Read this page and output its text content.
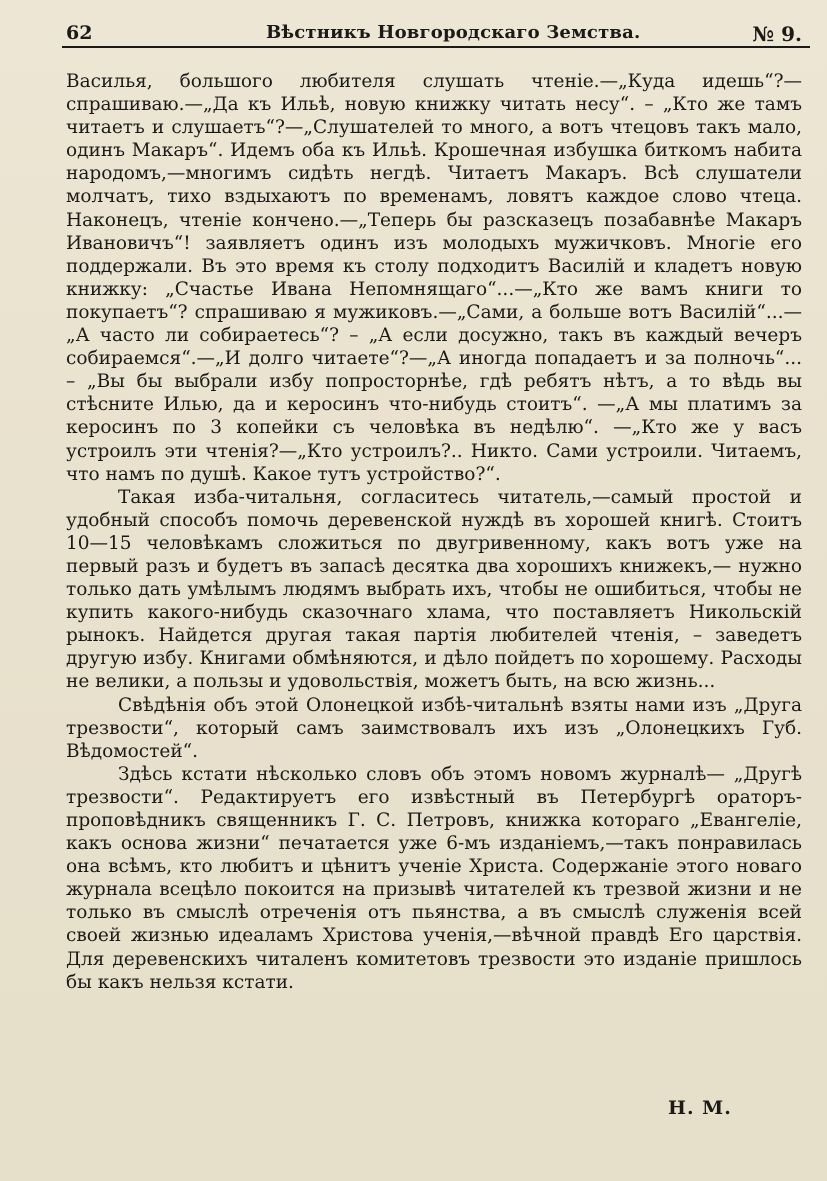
62	Вѣстникъ Новгородскаго Земства.	№ 9.

Василья, большого любителя слушать чтеніе.—„Куда идешь“?—спрашиваю.—„Да къ Ильѣ, новую книжку читать несу“. – „Кто же тамъ читаетъ и слушаетъ“?—„Слушателей то много, а вотъ чтецовъ такъ мало, одинъ Макаръ“. Идемъ оба къ Ильѣ. Крошечная избушка биткомъ набита народомъ,—многимъ сидѣть негдѣ. Читаетъ Макаръ. Всѣ слушатели молчатъ, тихо вздыхаютъ по временамъ, ловятъ каждое слово чтеца. Наконецъ, чтеніе кончено.—„Теперь бы разсказецъ позабавнѣе Макаръ Ивановичъ“! заявляетъ одинъ изъ молодыхъ мужичковъ. Многіе его поддержали. Въ это время къ столу подходитъ Василій и кладетъ новую книжку: „Счастье Ивана Непомнящаго“...—„Кто же вамъ книги то покупаетъ“? спрашиваю я мужиковъ.—„Сами, а больше вотъ Василій“...—„А часто ли собираетесь“? – „А если досужно, такъ въ каждый вечеръ собираемся“.—„И долго читаете“?—„А иногда попадаетъ и за полночь“... – „Вы бы выбрали избу попросторнѣе, гдѣ ребятъ нѣтъ, а то вѣдь вы стѣсните Илью, да и керосинъ что-нибудь стоитъ“. —„А мы платимъ за керосинъ по 3 копейки съ человѣка въ недѣлю“. —„Кто же у васъ устроилъ эти чтенія?—„Кто устроилъ?.. Никто. Сами устроили. Читаемъ, что намъ по душѣ. Какое тутъ устройство?“.

Такая изба-читальня, согласитесь читатель,—самый простой и удобный способъ помочь деревенской нуждѣ въ хорошей книгѣ. Стоитъ 10—15 человѣкамъ сложиться по двугривенному, какъ вотъ уже на первый разъ и будетъ въ запасѣ десятка два хорошихъ книжекъ,— нужно только дать умѣлымъ людямъ выбрать ихъ, чтобы не ошибиться, чтобы не купить какого-нибудь сказочнаго хлама, что поставляетъ Никольскій рынокъ. Найдется другая такая партія любителей чтенія, – заведетъ другую избу. Книгами обмѣняются, и дѣло пойдетъ по хорошему. Расходы не велики, а пользы и удовольствія, можетъ быть, на всю жизнь...

Свѣдѣнія объ этой Олонецкой избѣ-читальнѣ взяты нами изъ „Друга трезвости“, который самъ заимствовалъ ихъ изъ „Олонецкихъ Губ. Вѣдомостей“.

Здѣсь кстати нѣсколько словъ объ этомъ новомъ журналѣ— „Другѣ трезвости“. Редактируетъ его извѣстный въ Петербургѣ ораторъ-проповѣдникъ священникъ Г. С. Петровъ, книжка котораго „Евангеліе, какъ основа жизни“ печатается уже 6-мъ изданіемъ,—такъ понравилась она всѣмъ, кто любитъ и цѣнитъ ученіе Христа. Содержаніе этого новаго журнала всецѣло покоится на призывѣ читателей къ трезвой жизни и не только въ смыслѣ отреченія отъ пьянства, а въ смыслѣ служенія всей своей жизнью идеаламъ Христова ученія,—вѣчной правдѣ Его царствія. Для деревенскихъ читаленъ комитетовъ трезвости это изданіе пришлось бы какъ нельзя кстати.

Н. М.
